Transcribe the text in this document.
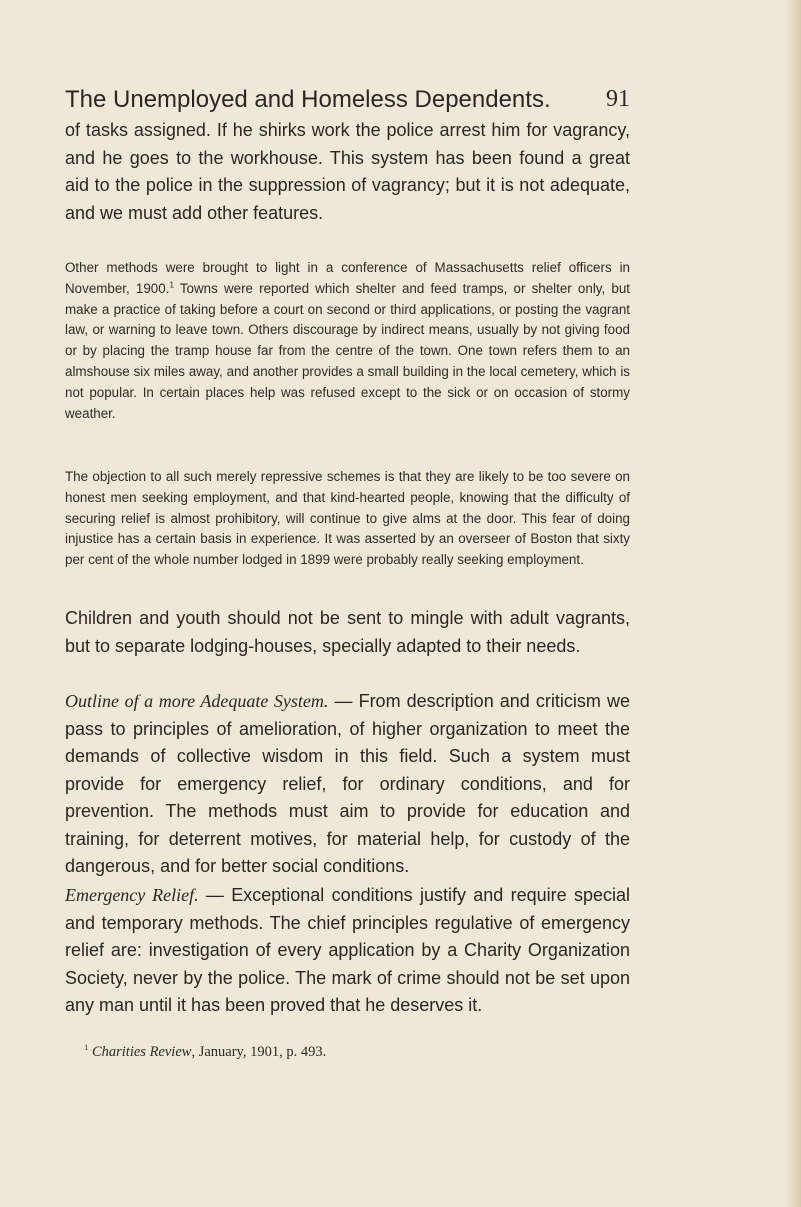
The Unemployed and Homeless Dependents. 91

of tasks assigned. If he shirks work the police arrest him for vagrancy, and he goes to the workhouse. This system has been found a great aid to the police in the suppression of vagrancy; but it is not adequate, and we must add other features.

Other methods were brought to light in a conference of Massachusetts relief officers in November, 1900.$^1$ Towns were reported which shelter and feed tramps, or shelter only, but make a practice of taking before a court on second or third applications, or posting the vagrant law, or warning to leave town. Others discourage by indirect means, usually by not giving food or by placing the tramp house far from the centre of the town. One town refers them to an almshouse six miles away, and another provides a small building in the local cemetery, which is not popular. In certain places help was refused except to the sick or on occasion of stormy weather.

The objection to all such merely repressive schemes is that they are likely to be too severe on honest men seeking employment, and that kind-hearted people, knowing that the difficulty of securing relief is almost prohibitory, will continue to give alms at the door. This fear of doing injustice has a certain basis in experience. It was asserted by an overseer of Boston that sixty per cent of the whole number lodged in 1899 were probably really seeking employment.

Children and youth should not be sent to mingle with adult vagrants, but to separate lodging-houses, specially adapted to their needs.

Outline of a more Adequate System. — From description and criticism we pass to principles of amelioration, of higher organization to meet the demands of collective wisdom in this field. Such a system must provide for emergency relief, for ordinary conditions, and for prevention. The methods must aim to provide for education and training, for deterrent motives, for material help, for custody of the dangerous, and for better social conditions.

Emergency Relief. — Exceptional conditions justify and require special and temporary methods. The chief principles regulative of emergency relief are: investigation of every application by a Charity Organization Society, never by the police. The mark of crime should not be set upon any man until it has been proved that he deserves it.

$^1$ Charities Review, January, 1901, p. 493.
